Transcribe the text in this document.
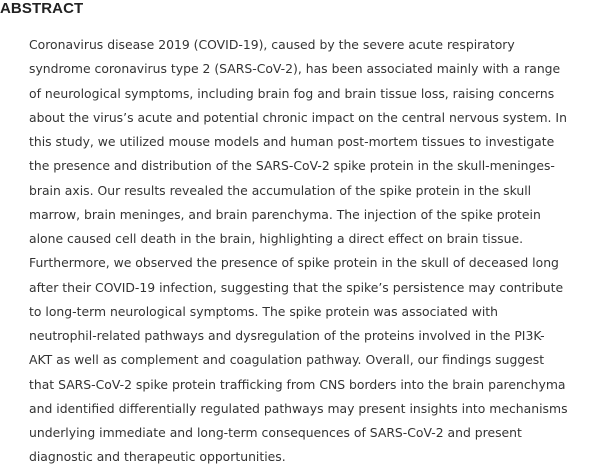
ABSTRACT
Coronavirus disease 2019 (COVID-19), caused by the severe acute respiratory
syndrome coronavirus type 2 (SARS-CoV-2), has been associated mainly with a range
of neurological symptoms, including brain fog and brain tissue loss, raising concerns
about the virus’s acute and potential chronic impact on the central nervous system. In
this study, we utilized mouse models and human post-mortem tissues to investigate
the presence and distribution of the SARS-CoV-2 spike protein in the skull-meninges-
brain axis. Our results revealed the accumulation of the spike protein in the skull
marrow, brain meninges, and brain parenchyma. The injection of the spike protein
alone caused cell death in the brain, highlighting a direct effect on brain tissue.
Furthermore, we observed the presence of spike protein in the skull of deceased long
after their COVID-19 infection, suggesting that the spike’s persistence may contribute
to long-term neurological symptoms. The spike protein was associated with
neutrophil-related pathways and dysregulation of the proteins involved in the PI3K-
AKT as well as complement and coagulation pathway. Overall, our findings suggest
that SARS-CoV-2 spike protein trafficking from CNS borders into the brain parenchyma
and identified differentially regulated pathways may present insights into mechanisms
underlying immediate and long-term consequences of SARS-CoV-2 and present
diagnostic and therapeutic opportunities.
